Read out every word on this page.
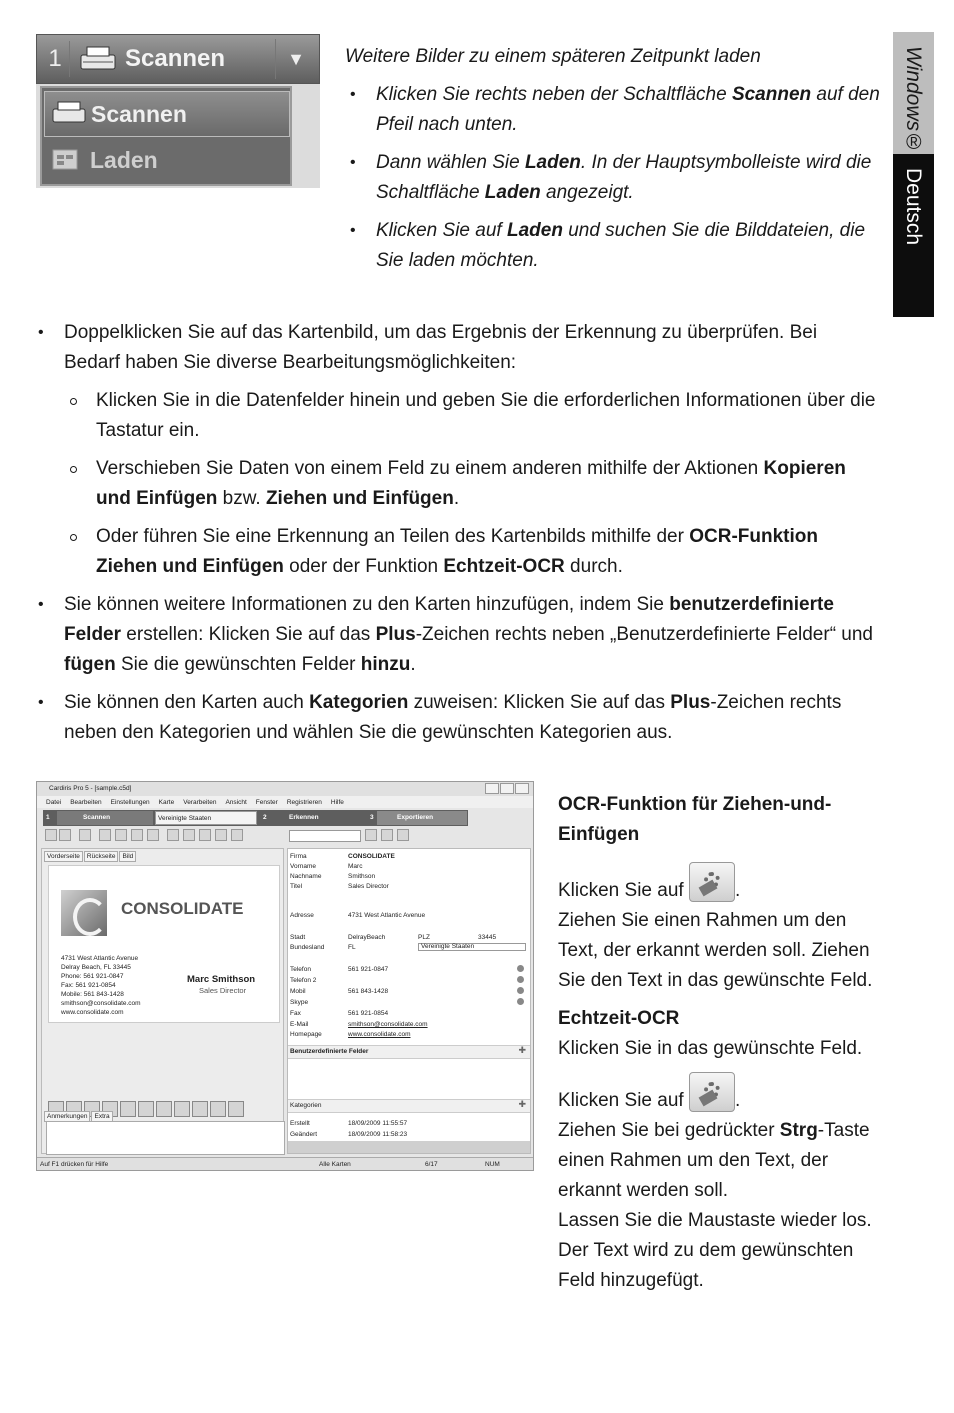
Windows®
Deutsch
1	Scannen	▼
Scannen
Laden

Weitere Bilder zu einem späteren Zeitpunkt laden

• Klicken Sie rechts neben der Schaltfläche Scannen auf den Pfeil nach unten.
• Dann wählen Sie Laden. In der Hauptsymbolleiste wird die Schaltfläche Laden angezeigt.
• Klicken Sie auf Laden und suchen Sie die Bilddateien, die Sie laden möchten.
• Doppelklicken Sie auf das Kartenbild, um das Ergebnis der Erkennung zu überprüfen. Bei Bedarf haben Sie diverse Bearbeitungsmöglichkeiten:
Klicken Sie in die Datenfelder hinein und geben Sie die erforderlichen Informationen über die Tastatur ein.
Verschieben Sie Daten von einem Feld zu einem anderen mithilfe der Aktionen Kopieren und Einfügen bzw. Ziehen und Einfügen.
Oder führen Sie eine Erkennung an Teilen des Kartenbilds mithilfe der OCR-Funktion Ziehen und Einfügen oder der Funktion Echtzeit-OCR durch.
• Sie können weitere Informationen zu den Karten hinzufügen, indem Sie benutzerdefinierte Felder erstellen: Klicken Sie auf das Plus-Zeichen rechts neben „Benutzerdefinierte Felder“ und fügen Sie die gewünschten Felder hinzu.
• Sie können den Karten auch Kategorien zuweisen: Klicken Sie auf das Plus-Zeichen rechts neben den Kategorien und wählen Sie die gewünschten Kategorien aus.
Cardiris Pro 5 - [sample.c5d]
Datei Bearbeiten Einstellungen Karte Verarbeiten Ansicht Fenster Registrieren Hilfe
1	Scannen	Vereinigte Staaten	2	Erkennen	3	Exportieren
Vorderseite Rückseite Bild
CONSOLIDATE
4731 West Atlantic Avenue
Delray Beach, FL 33445
Phone: 561 921-0847
Fax: 561 921-0854
Mobile: 561 843-1428
smithson@consolidate.com
www.consolidate.com
Marc Smithson
Sales Director
Anmerkungen Extra
Firma	CONSOLIDATE
Vorname	Marc
Nachname	Smithson
Titel	Sales Director
Adresse	4731 West Atlantic Avenue
Stadt	DelrayBeach	PLZ	33445
Bundesland	FL	Vereinigte Staaten
Telefon	561 921-0847
Telefon 2
Mobil	561 843-1428
Skype
Fax	561 921-0854
E-Mail	smithson@consolidate.com
Homepage	www.consolidate.com
Benutzerdefinierte Felder	✚
Kategorien	✚
Erstellt	18/09/2009 11:55:57
Geändert	18/09/2009 11:58:23
Auf F1 drücken für Hilfe	Alle Karten	6/17	NUM

OCR-Funktion für Ziehen-und-Einfügen

Klicken Sie auf .

Ziehen Sie einen Rahmen um den Text, der erkannt werden soll. Ziehen Sie den Text in das gewünschte Feld.

Echtzeit-OCR

Klicken Sie in das gewünschte Feld.

Klicken Sie auf .

Ziehen Sie bei gedrückter Strg-Taste einen Rahmen um den Text, der erkannt werden soll.

Lassen Sie die Maustaste wieder los. Der Text wird zu dem gewünschten Feld hinzugefügt.
